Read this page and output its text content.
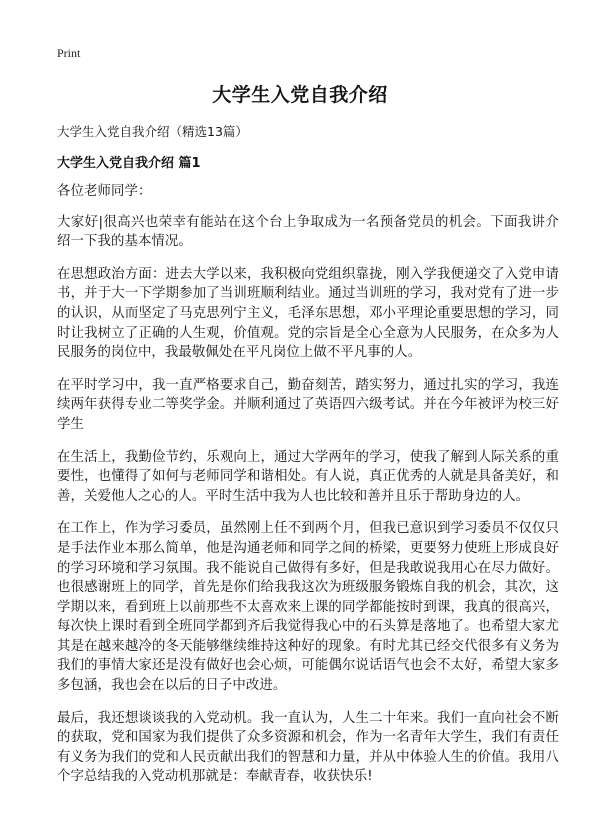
Print
大学生入党自我介绍

大学生入党自我介绍（精选13篇）

大学生入党自我介绍 篇1

各位老师同学：

大家好|很高兴也荣幸有能站在这个台上争取成为一名预备党员的机会。下面我讲介绍一下我的基本情况。

在思想政治方面：进去大学以来，我积极向党组织靠拢，刚入学我便递交了入党申请书，并于大一下学期参加了当训班顺利结业。通过当训班的学习，我对党有了进一步的认识，从而坚定了马克思列宁主义，毛泽东思想，邓小平理论重要思想的学习，同时让我树立了正确的人生观，价值观。党的宗旨是全心全意为人民服务，在众多为人民服务的岗位中，我最敬佩处在平凡岗位上做不平凡事的人。

在平时学习中，我一直严格要求自己，勤奋刻苦，踏实努力，通过扎实的学习，我连续两年获得专业二等奖学金。并顺利通过了英语四六级考试。并在今年被评为校三好学生

在生活上，我勤俭节约，乐观向上，通过大学两年的学习，使我了解到人际关系的重要性，也懂得了如何与老师同学和谐相处。有人说，真正优秀的人就是具备美好，和善，关爱他人之心的人。平时生活中我为人也比较和善并且乐于帮助身边的人。

在工作上，作为学习委员，虽然刚上任不到两个月，但我已意识到学习委员不仅仅只是手法作业本那么简单，他是沟通老师和同学之间的桥梁，更要努力使班上形成良好的学习环境和学习氛围。我不能说自己做得有多好，但是我敢说我用心在尽力做好。也很感谢班上的同学，首先是你们给我我这次为班级服务锻炼自我的机会，其次，这学期以来，看到班上以前那些不太喜欢来上课的同学都能按时到课，我真的很高兴，每次快上课时看到全班同学都到齐后我觉得我心中的石头算是落地了。也希望大家尤其是在越来越冷的冬天能够继续维持这种好的现象。有时尤其已经交代很多有义务为我们的事情大家还是没有做好也会心烦，可能偶尔说话语气也会不太好，希望大家多多包涵，我也会在以后的日子中改进。

最后，我还想谈谈我的入党动机。我一直认为，人生二十年来。我们一直向社会不断的获取，党和国家为我们提供了众多资源和机会，作为一名青年大学生，我们有责任有义务为我们的党和人民贡献出我们的智慧和力量，并从中体验人生的价值。我用八个字总结我的入党动机那就是：奉献青春，收获快乐!
